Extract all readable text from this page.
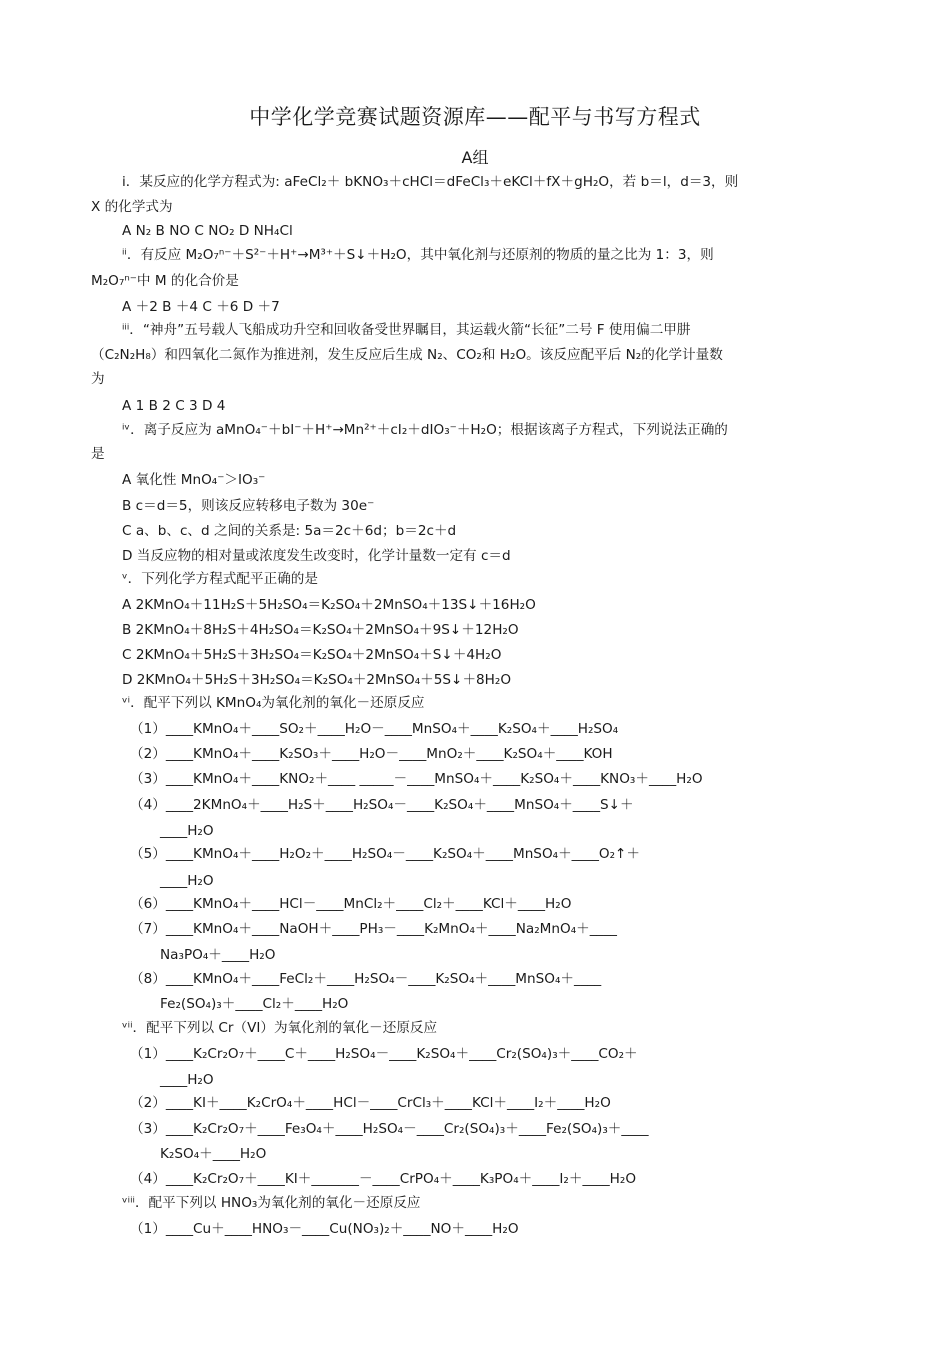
中学化学竞赛试题资源库——配平与书写方程式
A组
i．某反应的化学方程式为: aFeCl₂＋ bKNO₃＋cHCl＝dFeCl₃＋eKCl＋fX＋gH₂O，若 b＝l，d＝3，则
X 的化学式为
A N₂ B NO C NO₂ D NH₄Cl
ⁱⁱ．有反应 M₂O₇ⁿ⁻＋S²⁻＋H⁺→M³⁺＋S↓＋H₂O，其中氧化剂与还原剂的物质的量之比为 1：3，则
M₂O₇ⁿ⁻中 M 的化合价是
A ＋2 B ＋4 C ＋6 D ＋7
ⁱⁱⁱ．“神舟”五号载人飞船成功升空和回收备受世界瞩目，其运载火箭“长征”二号 F 使用偏二甲肼
（C₂N₂H₈）和四氧化二氮作为推进剂，发生反应后生成 N₂、CO₂和 H₂O。该反应配平后 N₂的化学计量数
为
A 1 B 2 C 3 D 4
ⁱᵛ．离子反应为 aMnO₄⁻＋bI⁻＋H⁺→Mn²⁺＋cI₂＋dIO₃⁻＋H₂O；根据该离子方程式，下列说法正确的
是
A 氧化性 MnO₄⁻＞IO₃⁻
B c＝d＝5，则该反应转移电子数为 30e⁻
C a、b、c、d 之间的关系是: 5a＝2c＋6d；b＝2c＋d
D 当反应物的相对量或浓度发生改变时，化学计量数一定有 c＝d
ᵛ．下列化学方程式配平正确的是
A 2KMnO₄＋11H₂S＋5H₂SO₄＝K₂SO₄＋2MnSO₄＋13S↓＋16H₂O
B 2KMnO₄＋8H₂S＋4H₂SO₄＝K₂SO₄＋2MnSO₄＋9S↓＋12H₂O
C 2KMnO₄＋5H₂S＋3H₂SO₄＝K₂SO₄＋2MnSO₄＋S↓＋4H₂O
D 2KMnO₄＋5H₂S＋3H₂SO₄＝K₂SO₄＋2MnSO₄＋5S↓＋8H₂O
ᵛⁱ．配平下列以 KMnO₄为氧化剂的氧化－还原反应
（1）____KMnO₄＋____SO₂＋____H₂O－____MnSO₄＋____K₂SO₄＋____H₂SO₄
（2）____KMnO₄＋____K₂SO₃＋____H₂O－____MnO₂＋____K₂SO₄＋____KOH
（3）____KMnO₄＋____KNO₂＋____ _____－____MnSO₄＋____K₂SO₄＋____KNO₃＋____H₂O
（4）____2KMnO₄＋____H₂S＋____H₂SO₄－____K₂SO₄＋____MnSO₄＋____S↓＋
____H₂O
（5）____KMnO₄＋____H₂O₂＋____H₂SO₄－____K₂SO₄＋____MnSO₄＋____O₂↑＋
____H₂O
（6）____KMnO₄＋____HCl－____MnCl₂＋____Cl₂＋____KCl＋____H₂O
（7）____KMnO₄＋____NaOH＋____PH₃－____K₂MnO₄＋____Na₂MnO₄＋____
Na₃PO₄＋____H₂O
（8）____KMnO₄＋____FeCl₂＋____H₂SO₄－____K₂SO₄＋____MnSO₄＋____
Fe₂(SO₄)₃＋____Cl₂＋____H₂O
ᵛⁱⁱ．配平下列以 Cr（VI）为氧化剂的氧化－还原反应
（1）____K₂Cr₂O₇＋____C＋____H₂SO₄－____K₂SO₄＋____Cr₂(SO₄)₃＋____CO₂＋
____H₂O
（2）____KI＋____K₂CrO₄＋____HCl－____CrCl₃＋____KCl＋____I₂＋____H₂O
（3）____K₂Cr₂O₇＋____Fe₃O₄＋____H₂SO₄－____Cr₂(SO₄)₃＋____Fe₂(SO₄)₃＋____
K₂SO₄＋____H₂O
（4）____K₂Cr₂O₇＋____KI＋_______－____CrPO₄＋____K₃PO₄＋____I₂＋____H₂O
ᵛⁱⁱⁱ．配平下列以 HNO₃为氧化剂的氧化－还原反应
（1）____Cu＋____HNO₃－____Cu(NO₃)₂＋____NO＋____H₂O
